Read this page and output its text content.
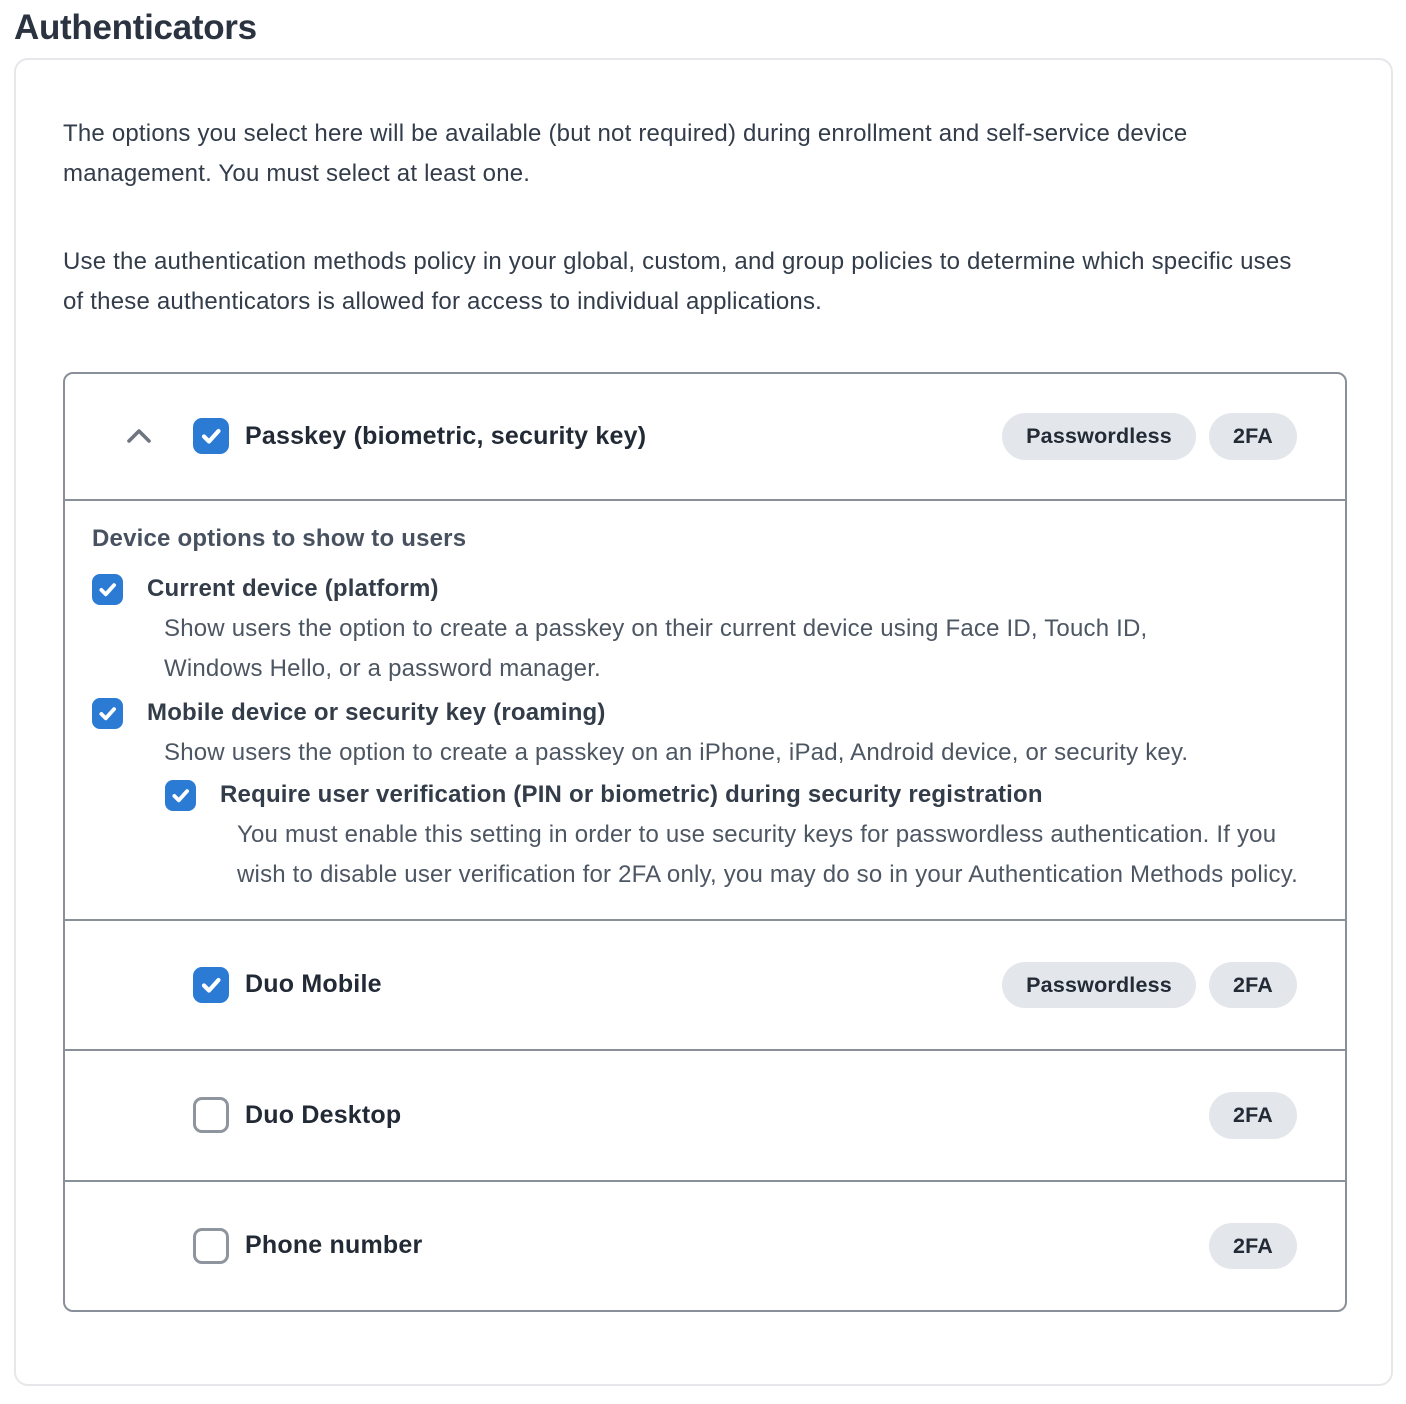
Authenticators

The options you select here will be available (but not required) during enrollment and self-service device management. You must select at least one.

Use the authentication methods policy in your global, custom, and group policies to determine which specific uses of these authenticators is allowed for access to individual applications.

Passkey (biometric, security key)	Passwordless	2FA
Device options to show to users
Current device (platform)

Show users the option to create a passkey on their current device using Face ID, Touch ID, Windows Hello, or a password manager.

Mobile device or security key (roaming)

Show users the option to create a passkey on an iPhone, iPad, Android device, or security key.

Require user verification (PIN or biometric) during security registration

You must enable this setting in order to use security keys for passwordless authentication. If you wish to disable user verification for 2FA only, you may do so in your Authentication Methods policy.

Duo Mobile	Passwordless	2FA
Duo Desktop	2FA
Phone number	2FA
